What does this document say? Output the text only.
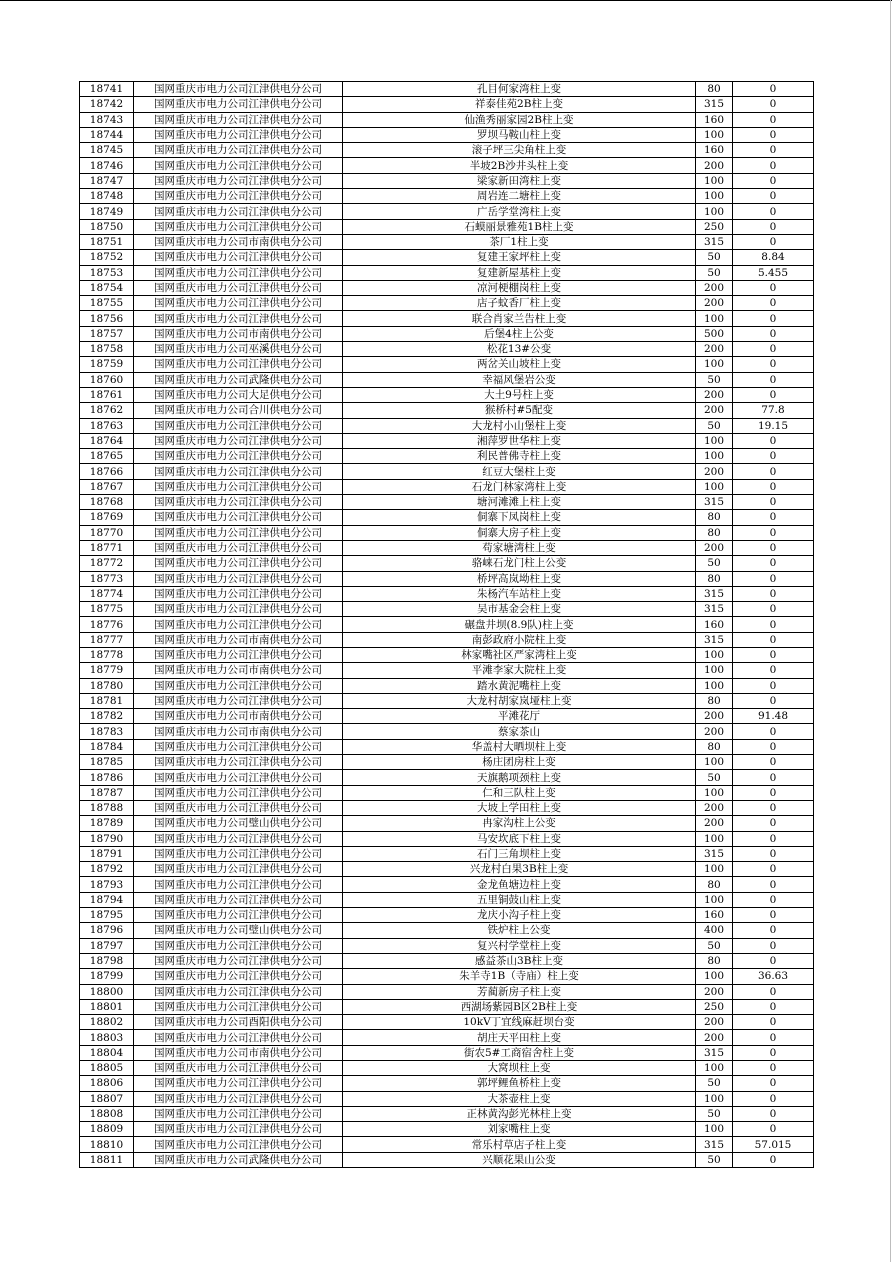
18741	国网重庆市电力公司江津供电分公司	孔目何家湾柱上变	80	0
18742	国网重庆市电力公司江津供电分公司	祥泰佳苑2B柱上变	315	0
18743	国网重庆市电力公司江津供电分公司	仙渔秀丽家园2B柱上变	160	0
18744	国网重庆市电力公司江津供电分公司	罗坝马鞍山柱上变	100	0
18745	国网重庆市电力公司江津供电分公司	滚子坪三尖角柱上变	160	0
18746	国网重庆市电力公司江津供电分公司	半坡2B沙井头柱上变	200	0
18747	国网重庆市电力公司江津供电分公司	梁家新田湾柱上变	100	0
18748	国网重庆市电力公司江津供电分公司	周岩连二塘柱上变	100	0
18749	国网重庆市电力公司江津供电分公司	广岳学堂湾柱上变	100	0
18750	国网重庆市电力公司江津供电分公司	石蟆丽景雅苑1B柱上变	250	0
18751	国网重庆市电力公司市南供电分公司	茶厂1柱上变	315	0
18752	国网重庆市电力公司江津供电分公司	复建王家坪柱上变	50	8.84
18753	国网重庆市电力公司江津供电分公司	复建新屋基柱上变	50	5.455
18754	国网重庆市电力公司江津供电分公司	凉河梗棚岗柱上变	200	0
18755	国网重庆市电力公司江津供电分公司	店子蚊香厂柱上变	200	0
18756	国网重庆市电力公司江津供电分公司	联合肖家兰告柱上变	100	0
18757	国网重庆市电力公司市南供电分公司	后堡4柱上公变	500	0
18758	国网重庆市电力公司巫溪供电分公司	松花13#公变	200	0
18759	国网重庆市电力公司江津供电分公司	两岔关山坡柱上变	100	0
18760	国网重庆市电力公司武隆供电分公司	幸福风堡岩公变	50	0
18761	国网重庆市电力公司大足供电分公司	大土9号柱上变	200	0
18762	国网重庆市电力公司合川供电分公司	猴桥村#5配变	200	77.8
18763	国网重庆市电力公司江津供电分公司	大龙村小山堡柱上变	50	19.15
18764	国网重庆市电力公司江津供电分公司	湘萍罗世华柱上变	100	0
18765	国网重庆市电力公司江津供电分公司	利民普佛寺柱上变	100	0
18766	国网重庆市电力公司江津供电分公司	红豆大堡柱上变	200	0
18767	国网重庆市电力公司江津供电分公司	石龙门林家湾柱上变	100	0
18768	国网重庆市电力公司江津供电分公司	塘河滩滩上柱上变	315	0
18769	国网重庆市电力公司江津供电分公司	侗寨下凤岗柱上变	80	0
18770	国网重庆市电力公司江津供电分公司	侗寨大房子柱上变	80	0
18771	国网重庆市电力公司江津供电分公司	苟家塘湾柱上变	200	0
18772	国网重庆市电力公司江津供电分公司	骆崃石龙门柱上公变	50	0
18773	国网重庆市电力公司江津供电分公司	桥坪高岚坳柱上变	80	0
18774	国网重庆市电力公司江津供电分公司	朱杨汽车站柱上变	315	0
18775	国网重庆市电力公司江津供电分公司	吴市基金会柱上变	315	0
18776	国网重庆市电力公司江津供电分公司	碾盘井坝(8.9队)柱上变	160	0
18777	国网重庆市电力公司市南供电分公司	南彭政府小院柱上变	315	0
18778	国网重庆市电力公司江津供电分公司	林家嘴社区严家湾柱上变	100	0
18779	国网重庆市电力公司市南供电分公司	平滩李家大院柱上变	100	0
18780	国网重庆市电力公司江津供电分公司	踏水黄泥嘴柱上变	100	0
18781	国网重庆市电力公司江津供电分公司	大龙村胡家岚垭柱上变	80	0
18782	国网重庆市电力公司市南供电分公司	平滩花厅	200	91.48
18783	国网重庆市电力公司市南供电分公司	蔡家茶山	200	0
18784	国网重庆市电力公司江津供电分公司	华盖村大晒坝柱上变	80	0
18785	国网重庆市电力公司江津供电分公司	杨庄团房柱上变	100	0
18786	国网重庆市电力公司江津供电分公司	天旗鹅项颈柱上变	50	0
18787	国网重庆市电力公司江津供电分公司	仁和三队柱上变	100	0
18788	国网重庆市电力公司江津供电分公司	大坡上学田柱上变	200	0
18789	国网重庆市电力公司璧山供电分公司	冉家沟柱上公变	200	0
18790	国网重庆市电力公司江津供电分公司	马安坎底下柱上变	100	0
18791	国网重庆市电力公司江津供电分公司	石门三角坝柱上变	315	0
18792	国网重庆市电力公司江津供电分公司	兴龙村白果3B柱上变	100	0
18793	国网重庆市电力公司江津供电分公司	金龙鱼塘边柱上变	80	0
18794	国网重庆市电力公司江津供电分公司	五里铜鼓山柱上变	100	0
18795	国网重庆市电力公司江津供电分公司	龙庆小沟子柱上变	160	0
18796	国网重庆市电力公司璧山供电分公司	铁炉柱上公变	400	0
18797	国网重庆市电力公司江津供电分公司	复兴村学堂柱上变	50	0
18798	国网重庆市电力公司江津供电分公司	感益茶山3B柱上变	80	0
18799	国网重庆市电力公司江津供电分公司	朱羊寺1B（寺庙）柱上变	100	36.63
18800	国网重庆市电力公司江津供电分公司	芳蔺新房子柱上变	200	0
18801	国网重庆市电力公司江津供电分公司	西湖场紫园B区2B柱上变	250	0
18802	国网重庆市电力公司酉阳供电分公司	10kV丁宜线麻赶坝台变	200	0
18803	国网重庆市电力公司江津供电分公司	胡庄天平田柱上变	200	0
18804	国网重庆市电力公司市南供电分公司	街农5#工商宿舍柱上变	315	0
18805	国网重庆市电力公司江津供电分公司	大窝坝柱上变	100	0
18806	国网重庆市电力公司江津供电分公司	郭坪鲤鱼桥柱上变	50	0
18807	国网重庆市电力公司江津供电分公司	大茶壶柱上变	100	0
18808	国网重庆市电力公司江津供电分公司	正林黄沟彭光林柱上变	50	0
18809	国网重庆市电力公司江津供电分公司	刘家嘴柱上变	100	0
18810	国网重庆市电力公司江津供电分公司	常乐村草店子柱上变	315	57.015
18811	国网重庆市电力公司武隆供电分公司	兴顺花果山公变	50	0
